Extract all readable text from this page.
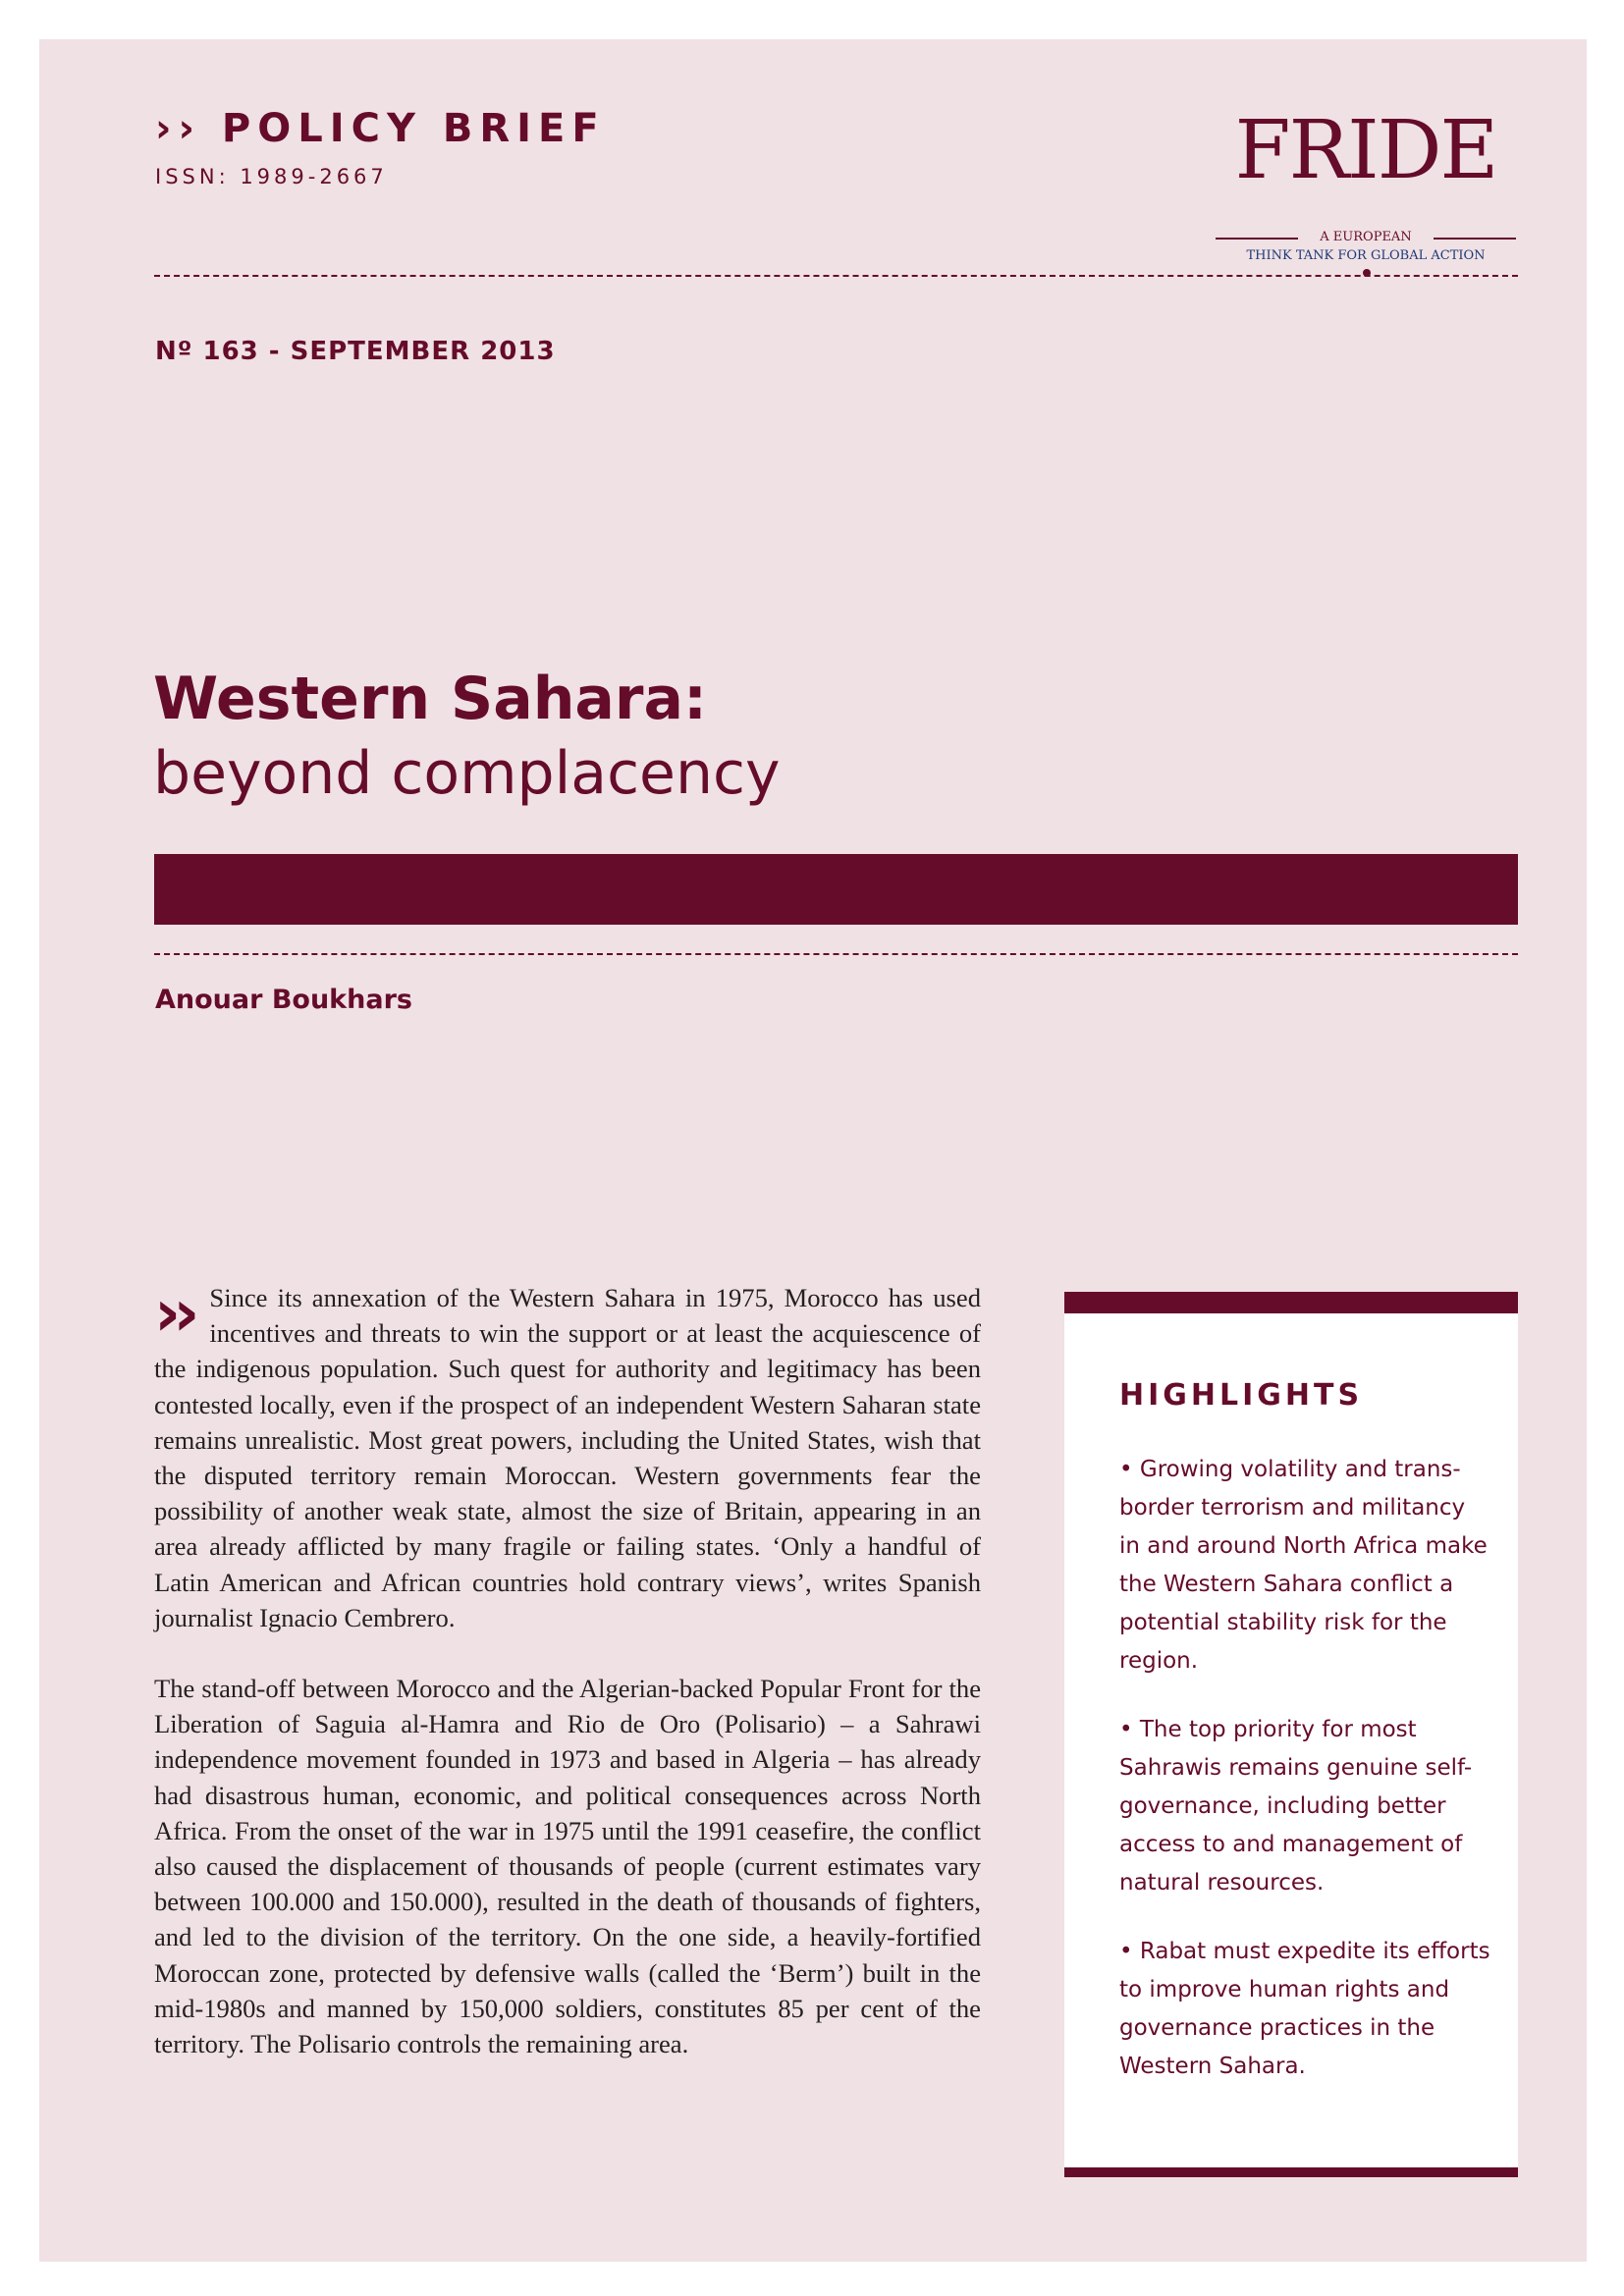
›› POLICY BRIEF
ISSN: 1989-2667	FRIDE
A EUROPEAN
THINK TANK FOR GLOBAL ACTION
Nº 163 - SEPTEMBER 2013
Western Sahara:
beyond complacency
Anouar Boukhars

›› Since its annexation of the Western Sahara in 1975, Morocco has used incentives and threats to win the support or at least the acquiescence of the indigenous population. Such quest for authority and legitimacy has been contested locally, even if the prospect of an independent Western Saharan state remains unrealistic. Most great powers, including the United States, wish that the disputed territory remain Moroccan. Western governments fear the possibility of another weak state, almost the size of Britain, appearing in an area already afflicted by many fragile or failing states. ‘Only a handful of Latin American and African countries hold contrary views’, writes Spanish journalist Ignacio Cembrero.

The stand-off between Morocco and the Algerian-backed Popular Front for the Liberation of Saguia al-Hamra and Rio de Oro (Polisario) – a Sahrawi independence movement founded in 1973 and based in Algeria – has already had disastrous human, economic, and political consequences across North Africa. From the onset of the war in 1975 until the 1991 ceasefire, the conflict also caused the displacement of thousands of people (current estimates vary between 100.000 and 150.000), resulted in the death of thousands of fighters, and led to the division of the territory. On the one side, a heavily-fortified Moroccan zone, protected by defensive walls (called the ‘Berm’) built in the mid-1980s and manned by 150,000 soldiers, constitutes 85 per cent of the territory. The Polisario controls the remaining area.

HIGHLIGHTS

• Growing volatility and trans-border terrorism and militancy in and around North Africa make the Western Sahara conflict a potential stability risk for the region.

• The top priority for most Sahrawis remains genuine self-governance, including better access to and management of natural resources.

• Rabat must expedite its efforts to improve human rights and governance practices in the Western Sahara.
